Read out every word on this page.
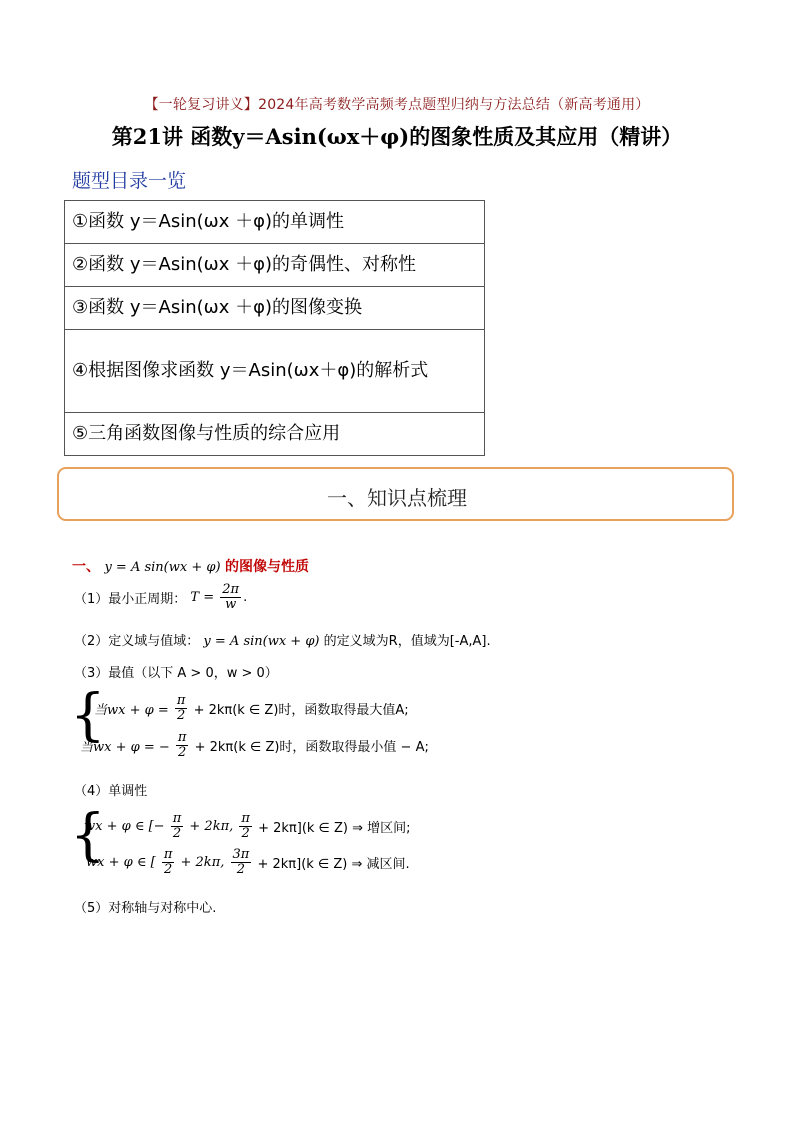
【一轮复习讲义】2024年高考数学高频考点题型归纳与方法总结（新高考通用）
第21讲 函数y＝Asin(ωx＋φ)的图象性质及其应用（精讲）
题型目录一览
①函数 y＝Asin(ωx ＋φ)的单调性
②函数 y＝Asin(ωx ＋φ)的奇偶性、对称性
③函数 y＝Asin(ωx ＋φ)的图像变换
④根据图像求函数 y＝Asin(ωx＋φ)的解析式
⑤三角函数图像与性质的综合应用
一、知识点梳理
一、 y = A sin(wx + φ) 的图像与性质
（1）最小正周期： $T = \frac{2\pi}{w}$ .
（2）定义域与值域： y = A sin(wx + φ) 的定义域为R，值域为[-A,A].
（3）最值（以下 A > 0，w > 0）
{
当wx + $\varphi = \frac{\pi}{2} + 2k\pi(k$ ∈ Z)时，函数取得最大值A;
当wx + φ = − $\frac{\pi}{2} + 2k\pi(k$ ∈ Z)时，函数取得最小值 − A;
（4）单调性
{
wx + φ ∈ [− $\frac{\pi}{2} + 2k\pi$, $\frac{\pi}{2} + 2k\pi](k$ ∈ Z) ⇒ 增区间;
wx + φ ∈ [ $\frac{\pi}{2} + 2k\pi$, $\frac{3\pi}{2} + 2k\pi](k$ ∈ Z) ⇒ 减区间.
（5）对称轴与对称中心.
